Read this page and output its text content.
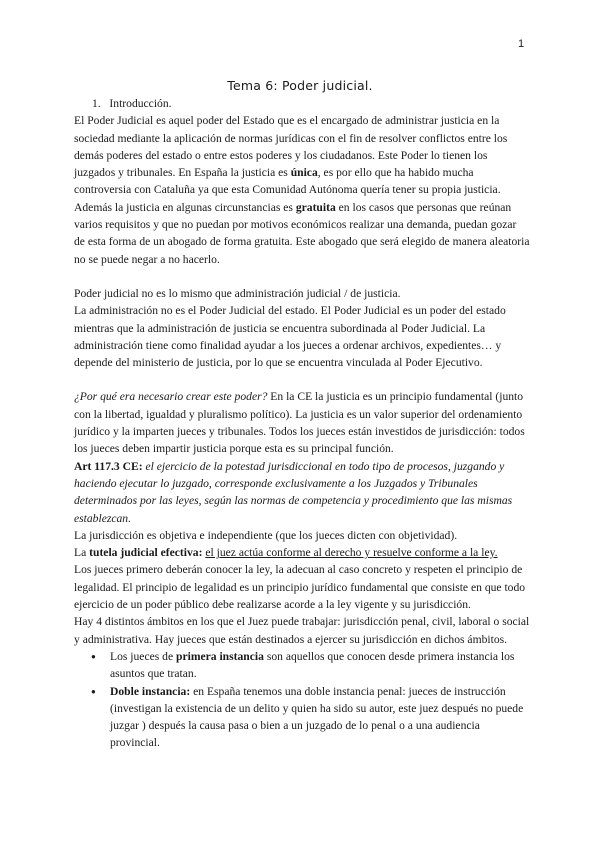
1
Tema 6: Poder judicial.

1. Introducción.

El Poder Judicial es aquel poder del Estado que es el encargado de administrar justicia en la sociedad mediante la aplicación de normas jurídicas con el fin de resolver conflictos entre los demás poderes del estado o entre estos poderes y los ciudadanos. Este Poder lo tienen los juzgados y tribunales. En España la justicia es única, es por ello que ha habido mucha controversia con Cataluña ya que esta Comunidad Autónoma quería tener su propia justicia. Además la justicia en algunas circunstancias es gratuita en los casos que personas que reúnan varios requisitos y que no puedan por motivos económicos realizar una demanda, puedan gozar de esta forma de un abogado de forma gratuita. Este abogado que será elegido de manera aleatoria no se puede negar a no hacerlo.

Poder judicial no es lo mismo que administración judicial / de justicia.

La administración no es el Poder Judicial del estado. El Poder Judicial es un poder del estado mientras que la administración de justicia se encuentra subordinada al Poder Judicial. La administración tiene como finalidad ayudar a los jueces a ordenar archivos, expedientes… y depende del ministerio de justicia, por lo que se encuentra vinculada al Poder Ejecutivo.

¿Por qué era necesario crear este poder? En la CE la justicia es un principio fundamental (junto con la libertad, igualdad y pluralismo político). La justicia es un valor superior del ordenamiento jurídico y la imparten jueces y tribunales. Todos los jueces están investidos de jurisdicción: todos los jueces deben impartir justicia porque esta es su principal función.

Art 117.3 CE: el ejercicio de la potestad jurisdiccional en todo tipo de procesos, juzgando y haciendo ejecutar lo juzgado, corresponde exclusivamente a los Juzgados y Tribunales determinados por las leyes, según las normas de competencia y procedimiento que las mismas establezcan.

La jurisdicción es objetiva e independiente (que los jueces dicten con objetividad).

La tutela judicial efectiva: el juez actúa conforme al derecho y resuelve conforme a la ley.

Los jueces primero deberán conocer la ley, la adecuan al caso concreto y respeten el principio de legalidad. El principio de legalidad es un principio jurídico fundamental que consiste en que todo ejercicio de un poder público debe realizarse acorde a la ley vigente y su jurisdicción.

Hay 4 distintos ámbitos en los que el Juez puede trabajar: jurisdicción penal, civil, laboral o social y administrativa. Hay jueces que están destinados a ejercer su jurisdicción en dichos ámbitos.

● Los jueces de primera instancia son aquellos que conocen desde primera instancia los asuntos que tratan.
● Doble instancia: en España tenemos una doble instancia penal: jueces de instrucción (investigan la existencia de un delito y quien ha sido su autor, este juez después no puede juzgar ) después la causa pasa o bien a un juzgado de lo penal o a una audiencia provincial.
